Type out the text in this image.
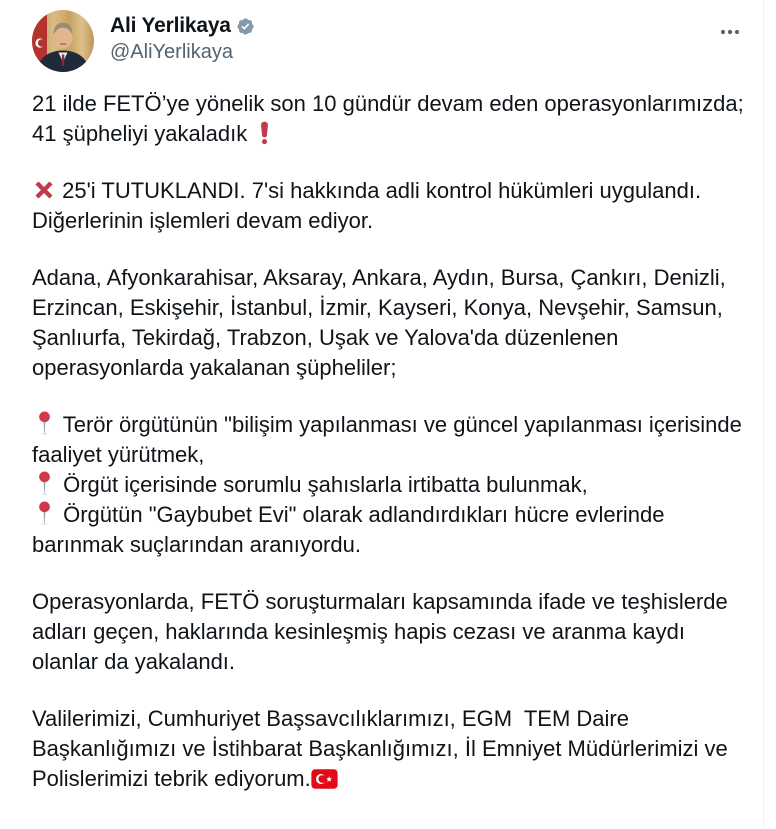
Ali Yerlikaya
@AliYerlikaya

21 ilde FETÖ’ye yönelik son 10 gündür devam eden operasyonlarımızda; 41 şüpheliyi yakaladık

25'i TUTUKLANDI. 7'si hakkında adli kontrol hükümleri uygulandı. Diğerlerinin işlemleri devam ediyor.

Adana, Afyonkarahisar, Aksaray, Ankara, Aydın, Bursa, Çankırı, Denizli, Erzincan, Eskişehir, İstanbul, İzmir, Kayseri, Konya, Nevşehir, Samsun, Şanlıurfa, Tekirdağ, Trabzon, Uşak ve Yalova'da düzenlenen operasyonlarda yakalanan şüpheliler;

Terör örgütünün "bilişim yapılanması ve güncel yapılanması içerisinde faaliyet yürütmek,
Örgüt içerisinde sorumlu şahıslarla irtibatta bulunmak,
Örgütün "Gaybubet Evi" olarak adlandırdıkları hücre evlerinde barınmak suçlarından aranıyordu.

Operasyonlarda, FETÖ soruşturmaları kapsamında ifade ve teşhislerde adları geçen, haklarında kesinleşmiş hapis cezası ve aranma kaydı olanlar da yakalandı.

Valilerimizi, Cumhuriyet Başsavcılıklarımızı, EGM  TEM Daire Başkanlığımızı ve İstihbarat Başkanlığımızı, İl Emniyet Müdürlerimizi ve Polislerimizi tebrik ediyorum.
